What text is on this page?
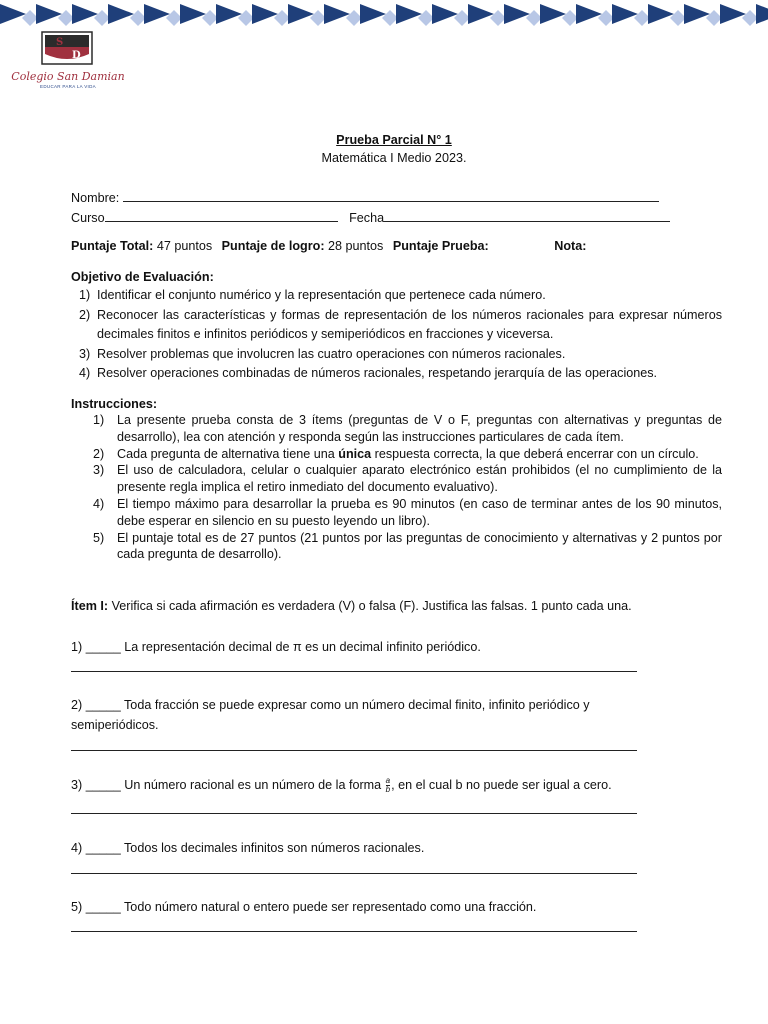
S
D
Colegio San Damian
EDUCAR PARA LA VIDA
Prueba Parcial N° 1
Matemática I Medio 2023.
Nombre:
Curso	Fecha
Puntaje Total: 47 puntos Puntaje de logro: 28 puntos Puntaje Prueba:	Nota:
Objetivo de Evaluación:
1) Identificar el conjunto numérico y la representación que pertenece cada número.
2) Reconocer las características y formas de representación de los números racionales para expresar números decimales finitos e infinitos periódicos y semiperiódicos en fracciones y viceversa.
3) Resolver problemas que involucren las cuatro operaciones con números racionales.
4) Resolver operaciones combinadas de números racionales, respetando jerarquía de las operaciones.
Instrucciones:
1) La presente prueba consta de 3 ítems (preguntas de V o F, preguntas con alternativas y preguntas de desarrollo), lea con atención y responda según las instrucciones particulares de cada ítem.
2) Cada pregunta de alternativa tiene una única respuesta correcta, la que deberá encerrar con un círculo.
3) El uso de calculadora, celular o cualquier aparato electrónico están prohibidos (el no cumplimiento de la presente regla implica el retiro inmediato del documento evaluativo).
4) El tiempo máximo para desarrollar la prueba es 90 minutos (en caso de terminar antes de los 90 minutos, debe esperar en silencio en su puesto leyendo un libro).
5) El puntaje total es de 27 puntos (21 puntos por las preguntas de conocimiento y alternativas y 2 puntos por cada pregunta de desarrollo).
Ítem I: Verifica si cada afirmación es verdadera (V) o falsa (F). Justifica las falsas. 1 punto cada una.
1) _____ La representación decimal de π es un decimal infinito periódico.
2) _____ Toda fracción se puede expresar como un número decimal finito, infinito periódico y semiperiódicos.
3) _____ Un número racional es un número de la forma $\frac{a}{b}$ , en el cual b no puede ser igual a cero.
4) _____ Todos los decimales infinitos son números racionales.
5) _____ Todo número natural o entero puede ser representado como una fracción.
